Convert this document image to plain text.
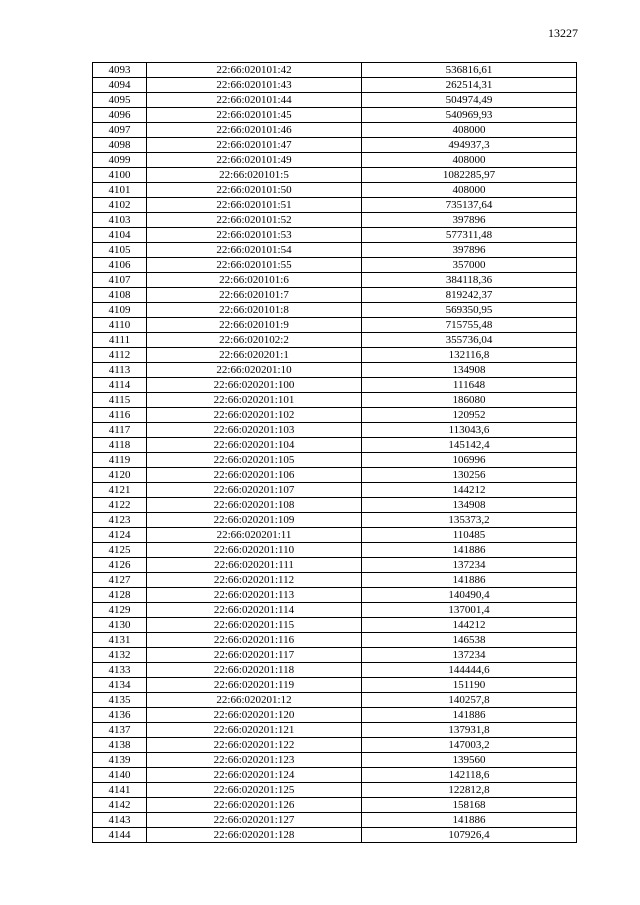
13227
4093	22:66:020101:42	536816,61
4094	22:66:020101:43	262514,31
4095	22:66:020101:44	504974,49
4096	22:66:020101:45	540969,93
4097	22:66:020101:46	408000
4098	22:66:020101:47	494937,3
4099	22:66:020101:49	408000
4100	22:66:020101:5	1082285,97
4101	22:66:020101:50	408000
4102	22:66:020101:51	735137,64
4103	22:66:020101:52	397896
4104	22:66:020101:53	577311,48
4105	22:66:020101:54	397896
4106	22:66:020101:55	357000
4107	22:66:020101:6	384118,36
4108	22:66:020101:7	819242,37
4109	22:66:020101:8	569350,95
4110	22:66:020101:9	715755,48
4111	22:66:020102:2	355736,04
4112	22:66:020201:1	132116,8
4113	22:66:020201:10	134908
4114	22:66:020201:100	111648
4115	22:66:020201:101	186080
4116	22:66:020201:102	120952
4117	22:66:020201:103	113043,6
4118	22:66:020201:104	145142,4
4119	22:66:020201:105	106996
4120	22:66:020201:106	130256
4121	22:66:020201:107	144212
4122	22:66:020201:108	134908
4123	22:66:020201:109	135373,2
4124	22:66:020201:11	110485
4125	22:66:020201:110	141886
4126	22:66:020201:111	137234
4127	22:66:020201:112	141886
4128	22:66:020201:113	140490,4
4129	22:66:020201:114	137001,4
4130	22:66:020201:115	144212
4131	22:66:020201:116	146538
4132	22:66:020201:117	137234
4133	22:66:020201:118	144444,6
4134	22:66:020201:119	151190
4135	22:66:020201:12	140257,8
4136	22:66:020201:120	141886
4137	22:66:020201:121	137931,8
4138	22:66:020201:122	147003,2
4139	22:66:020201:123	139560
4140	22:66:020201:124	142118,6
4141	22:66:020201:125	122812,8
4142	22:66:020201:126	158168
4143	22:66:020201:127	141886
4144	22:66:020201:128	107926,4
